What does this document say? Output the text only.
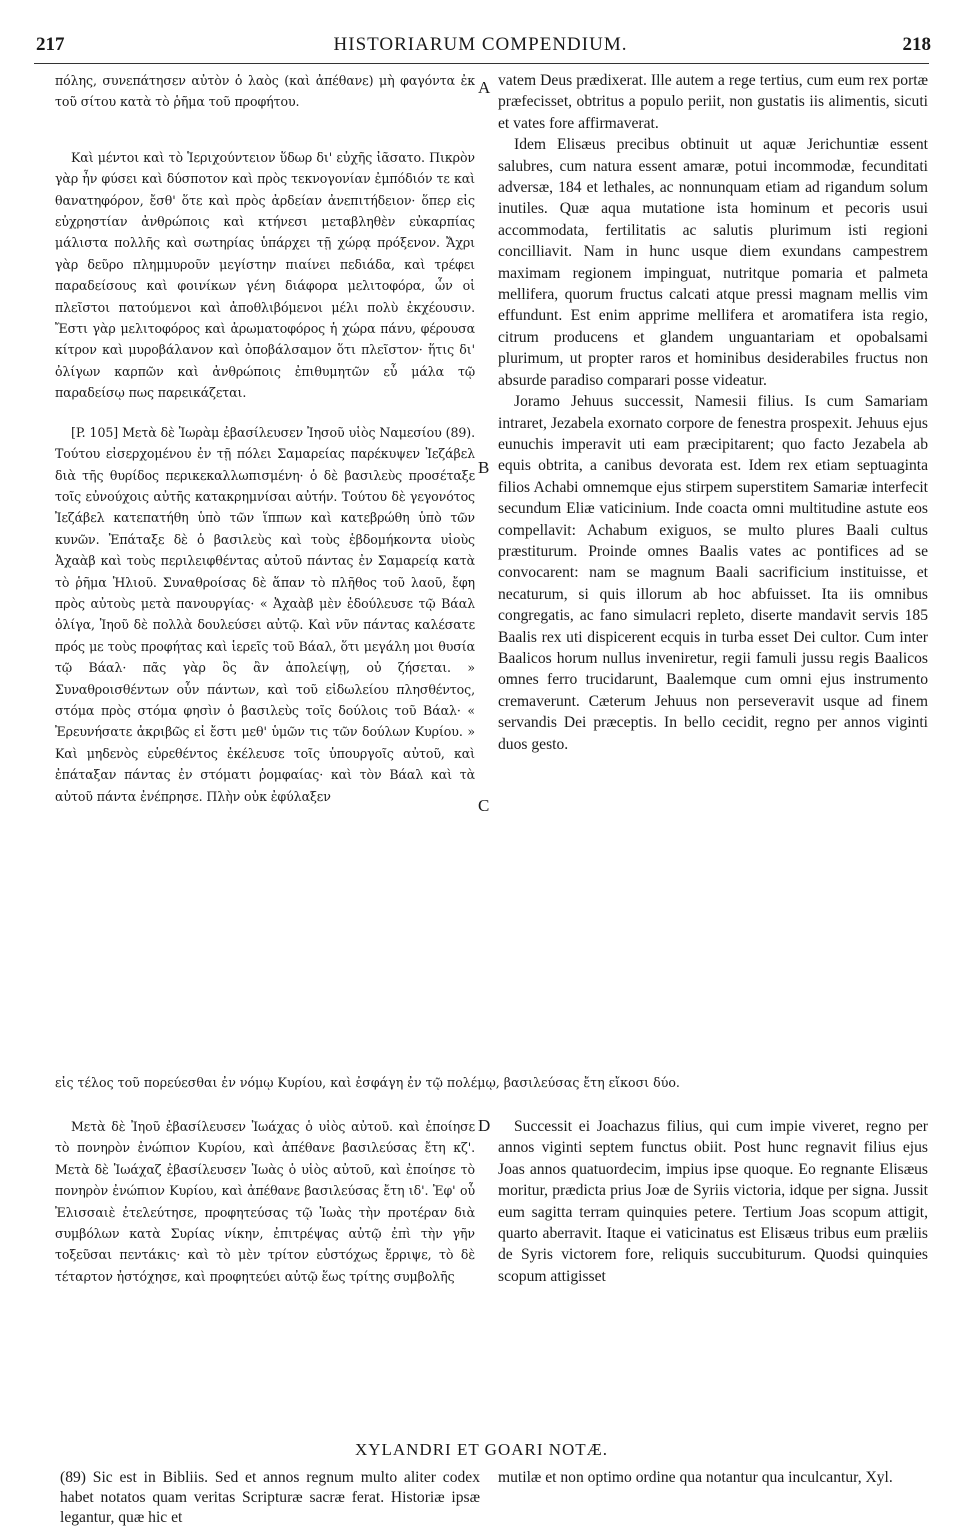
217	HISTORIARUM COMPENDIUM.	218
A
B
C
D

πόλης, συνεπάτησεν αὐτὸν ὁ λαὸς (καὶ ἀπέθανε) μὴ φαγόντα ἐκ τοῦ σίτου κατὰ τὸ ῥῆμα τοῦ προφήτου.

Καὶ μέντοι καὶ τὸ Ἱεριχούντειον ὕδωρ δι' εὐχῆς ἰᾶσατο. Πικρὸν γὰρ ἦν φύσει καὶ δύσποτον καὶ πρὸς τεκνογονίαν ἐμπόδιόν τε καὶ θανατηφόρον, ἔσθ' ὅτε καὶ πρὸς ἀρδείαν ἀνεπιτήδειον· ὅπερ εἰς εὐχρηστίαν ἀνθρώποις καὶ κτήνεσι μεταβληθὲν εὐκαρπίας μάλιστα πολλῆς καὶ σωτηρίας ὑπάρχει τῇ χώρᾳ πρόξενον. Ἄχρι γὰρ δεῦρο πλημμυροῦν μεγίστην πιαίνει πεδιάδα, καὶ τρέφει παραδείσους καὶ φοινίκων γένη διάφορα μελιτοφόρα, ὧν οἱ πλεῖστοι πατούμενοι καὶ ἀποθλιβόμενοι μέλι πολὺ ἐκχέουσιν. Ἔστι γὰρ μελιτοφόρος καὶ ἀρωματοφόρος ἡ χώρα πάνυ, φέρουσα κίτρον καὶ μυροβάλανον καὶ ὀποβάλσαμον ὅτι πλεῖστον· ἥτις δι' ὀλίγων καρπῶν καὶ ἀνθρώποις ἐπιθυμητῶν εὖ μάλα τῷ παραδείσῳ πως παρεικάζεται.

[P. 105] Μετὰ δὲ Ἰωρὰμ ἐβασίλευσεν Ἰησοῦ υἱὸς Ναμεσίου (89). Τούτου εἰσερχομένου ἐν τῇ πόλει Σαμαρείας παρέκυψεν Ἰεζάβελ διὰ τῆς θυρίδος περικεκαλλωπισμένη· ὁ δὲ βασιλεὺς προσέταξε τοῖς εὐνούχοις αὐτῆς κατακρημνίσαι αὐτήν. Τούτου δὲ γεγονότος Ἰεζάβελ κατεπατήθη ὑπὸ τῶν ἵππων καὶ κατεβρώθη ὑπὸ τῶν κυνῶν. Ἐπάταξε δὲ ὁ βασιλεὺς καὶ τοὺς ἑβδομήκοντα υἱοὺς Ἀχαὰβ καὶ τοὺς περιλειφθέντας αὐτοῦ πάντας ἐν Σαμαρείᾳ κατὰ τὸ ῥῆμα Ἠλιοῦ. Συναθροίσας δὲ ἅπαν τὸ πλῆθος τοῦ λαοῦ, ἔφη πρὸς αὐτοὺς μετὰ πανουργίας· « Ἀχαὰβ μὲν ἐδούλευσε τῷ Βάαλ ὀλίγα, Ἰηοῦ δὲ πολλὰ δουλεύσει αὐτῷ. Καὶ νῦν πάντας καλέσατε πρός με τοὺς προφήτας καὶ ἱερεῖς τοῦ Βάαλ, ὅτι μεγάλη μοι θυσία τῷ Βάαλ· πᾶς γὰρ ὃς ἂν ἀπολείψῃ, οὐ ζήσεται. » Συναθροισθέντων οὖν πάντων, καὶ τοῦ εἰδωλείου πλησθέντος, στόμα πρὸς στόμα φησὶν ὁ βασιλεὺς τοῖς δούλοις τοῦ Βάαλ· « Ἐρευνήσατε ἀκριβῶς εἰ ἔστι μεθ' ὑμῶν τις τῶν δούλων Κυρίου. » Καὶ μηδενὸς εὑρεθέντος ἐκέλευσε τοῖς ὑπουργοῖς αὐτοῦ, καὶ ἐπάταξαν πάντας ἐν στόματι ῥομφαίας· καὶ τὸν Βάαλ καὶ τὰ αὐτοῦ πάντα ἐνέπρησε. Πλὴν οὐκ ἐφύλαξεν

vatem Deus prædixerat. Ille autem a rege tertius, cum eum rex portæ præfecisset, obtritus a populo periit, non gustatis iis alimentis, sicuti et vates fore affirmaverat.

Idem Elisæus precibus obtinuit ut aquæ Jerichuntiæ essent salubres, cum natura essent amaræ, potui incommodæ, fecunditati adversæ, 184 et lethales, ac nonnunquam etiam ad rigandum solum inutiles. Quæ aqua mutatione ista hominum et pecoris usui accommodata, fertilitatis ac salutis plurimum isti regioni concilliavit. Nam in hunc usque diem exundans campestrem maximam regionem impinguat, nutritque pomaria et palmeta mellifera, quorum fructus calcati atque pressi magnam mellis vim effundunt. Est enim apprime mellifera et aromatifera ista regio, citrum producens et glandem unguantariam et opobalsami plurimum, ut propter raros et hominibus desiderabiles fructus non absurde paradiso comparari posse videatur.

Joramo Jehuus successit, Namesii filius. Is cum Samariam intraret, Jezabela exornato corpore de fenestra prospexit. Jehuus ejus eunuchis imperavit uti eam præcipitarent; quo facto Jezabela ab equis obtrita, a canibus devorata est. Idem rex etiam septuaginta filios Achabi omnemque ejus stirpem superstitem Samariæ interfecit secundum Eliæ vaticinium. Inde coacta omni multitudine astute eos compellavit: Achabum exiguos, se multo plures Baali cultus præstiturum. Proinde omnes Baalis vates ac pontifices ad se convocarent: nam se magnum Baali sacrificium instituisse, et necaturum, si quis illorum ab hoc abfuisset. Ita iis omnibus congregatis, ac fano simulacri repleto, diserte mandavit servis 185 Baalis rex uti dispicerent ecquis in turba esset Dei cultor. Cum inter Baalicos horum nullus inveniretur, regii famuli jussu regis Baalicos omnes ferro trucidarunt, Baalemque cum omni ejus instrumento cremaverunt. Cæterum Jehuus non perseveravit usque ad finem servandis Dei præceptis. In bello cecidit, regno per annos viginti duos gesto.

εἰς τέλος τοῦ πορεύεσθαι ἐν νόμῳ Κυρίου, καὶ ἐσφάγη ἐν τῷ πολέμῳ, βασιλεύσας ἔτη εἴκοσι δύο.

Μετὰ δὲ Ἰηοῦ ἐβασίλευσεν Ἰωάχας ὁ υἱὸς αὐτοῦ. καὶ ἐποίησε τὸ πονηρὸν ἐνώπιον Κυρίου, καὶ ἀπέθανε βασιλεύσας ἔτη κζ'. Μετὰ δὲ Ἰωάχαζ ἐβασίλευσεν Ἰωὰς ὁ υἱὸς αὐτοῦ, καὶ ἐποίησε τὸ πονηρὸν ἐνώπιον Κυρίου, καὶ ἀπέθανε βασιλεύσας ἔτη ιδ'. Ἐφ' οὗ Ἐλισσαιὲ ἐτελεύτησε, προφητεύσας τῷ Ἰωὰς τὴν προτέραν διὰ συμβόλων κατὰ Συρίας νίκην, ἐπιτρέψας αὐτῷ ἐπὶ τὴν γῆν τοξεῦσαι πεντάκις· καὶ τὸ μὲν τρίτον εὐστόχως ἔρριψε, τὸ δὲ τέταρτον ἠστόχησε, καὶ προφητεύει αὐτῷ ἕως τρίτης συμβολῆς

Successit ei Joachazus filius, qui cum impie viveret, regno per annos viginti septem functus obiit. Post hunc regnavit filius ejus Joas annos quatuordecim, impius ipse quoque. Eo regnante Elisæus moritur, prædicta prius Joæ de Syriis victoria, idque per signa. Jussit eum sagitta terram quinquies petere. Tertium Joas scopum attigit, quarto aberravit. Itaque ei vaticinatus est Elisæus tribus eum præliis de Syris victorem fore, reliquis succubiturum. Quodsi quinquies scopum attigisset

XYLANDRI ET GOARI NOTÆ.
(89) Sic est in Bibliis. Sed et annos regnum multo aliter codex habet notatos quam veritas Scripturæ sacræ ferat. Historiæ ipsæ legantur, quæ hic et
mutilæ et non optimo ordine qua notantur qua inculcantur, Xyl.
